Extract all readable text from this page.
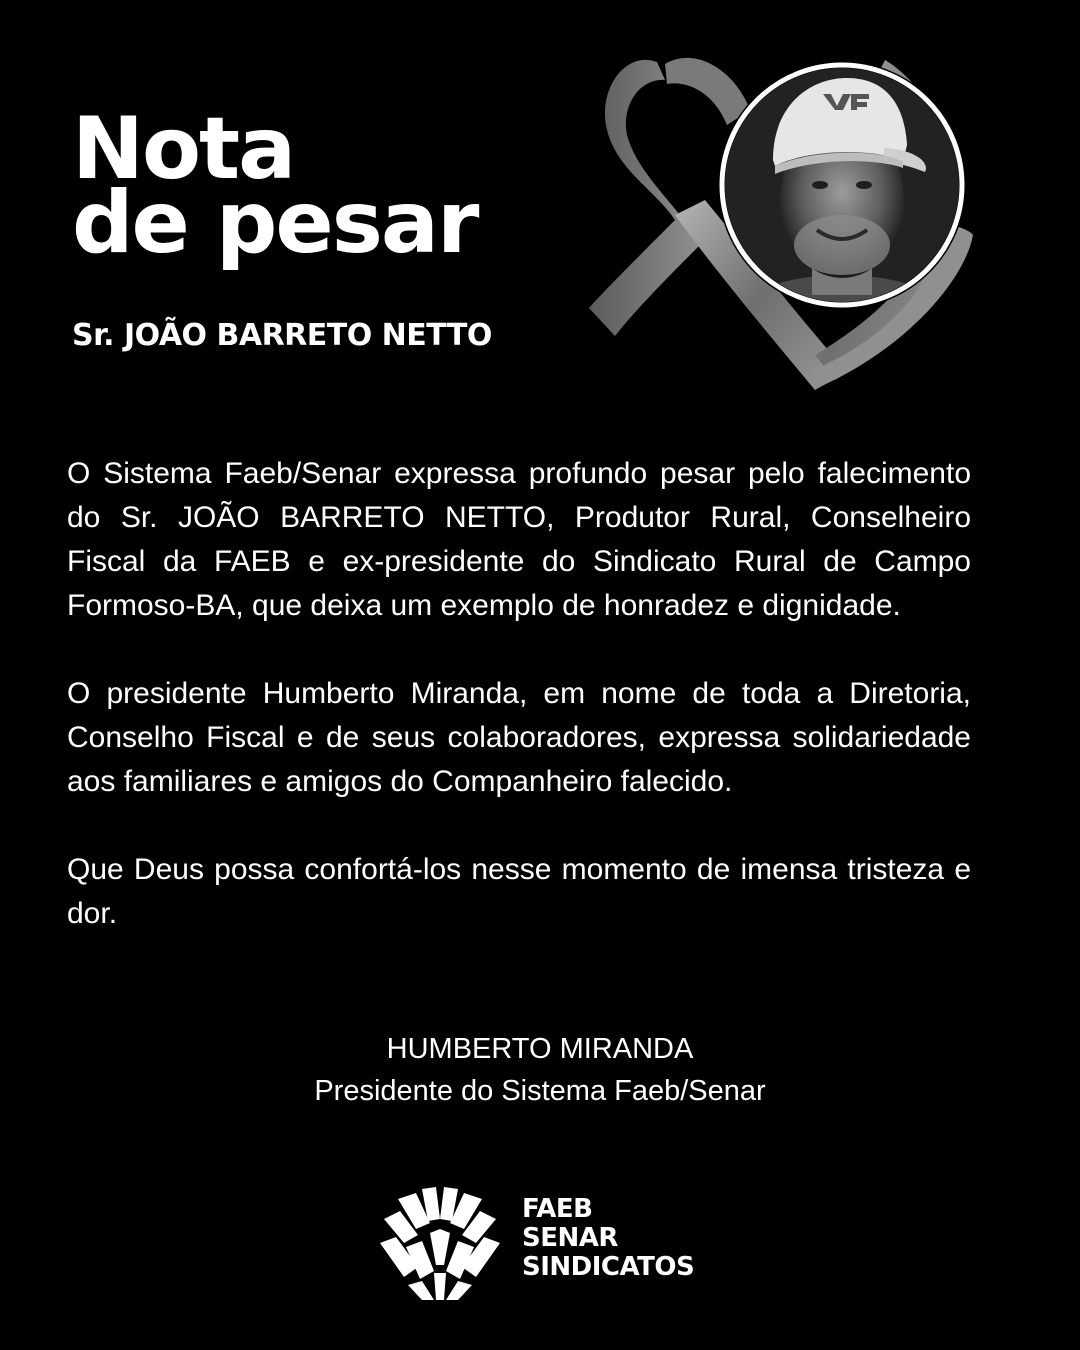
Nota
de pesar
Sr. JOÃO BARRETO NETTO

O Sistema Faeb/Senar expressa profundo pesar pelo falecimento do Sr. JOÃO BARRETO NETTO, Produtor Rural, Conselheiro Fiscal da FAEB e ex-presidente do Sindicato Rural de Campo Formoso-BA, que deixa um exemplo de honradez e dignidade.

O presidente Humberto Miranda, em nome de toda a Diretoria, Conselho Fiscal e de seus colaboradores, expressa solidariedade aos familiares e amigos do Companheiro falecido.

Que Deus possa confortá-los nesse momento de imensa tristeza e dor.

HUMBERTO MIRANDA
Presidente do Sistema Faeb/Senar
FAEB
SENAR
SINDICATOS
